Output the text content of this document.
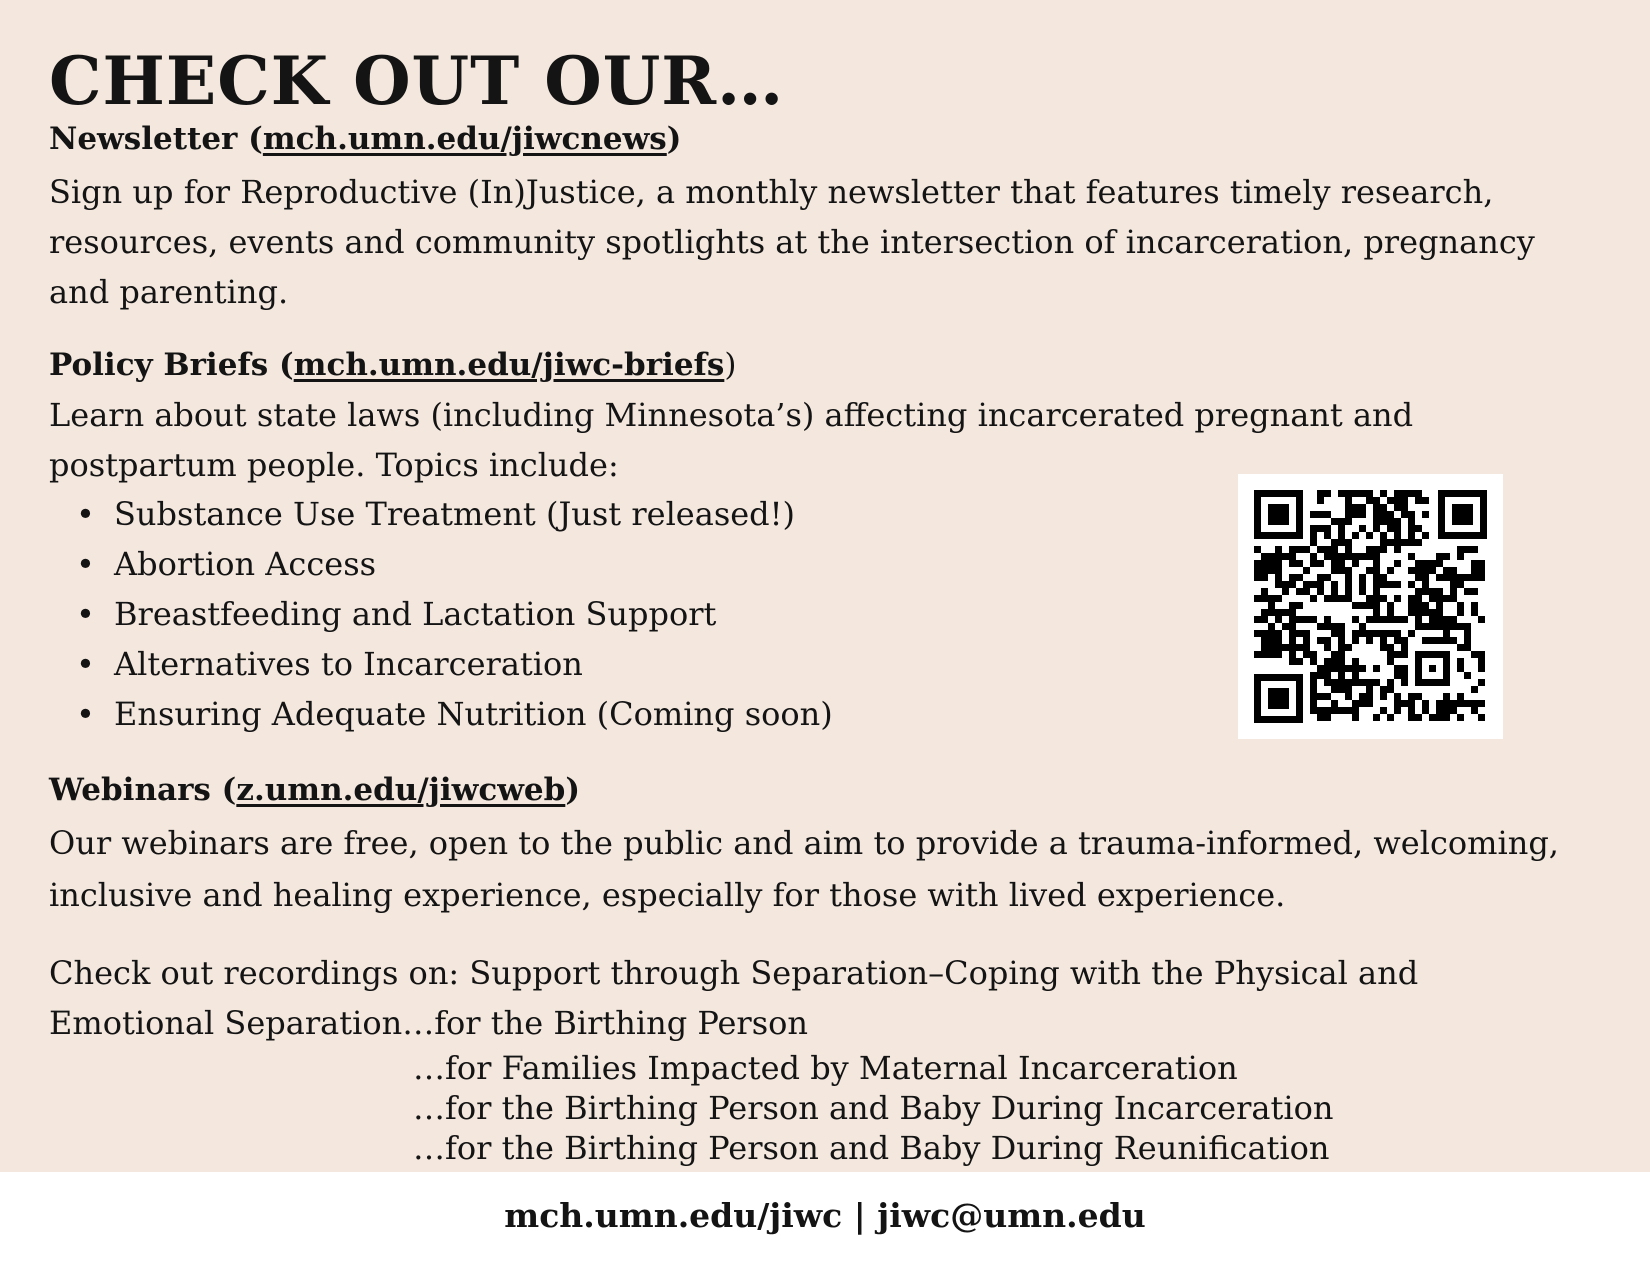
CHECK OUT OUR…

Newsletter (mch.umn.edu/jiwcnews)

Sign up for Reproductive (In)Justice, a monthly newsletter that features timely research,

resources, events and community spotlights at the intersection of incarceration, pregnancy

and parenting.

Policy Briefs (mch.umn.edu/jiwc-briefs)

Learn about state laws (including Minnesota’s) affecting incarcerated pregnant and

postpartum people. Topics include:

• Substance Use Treatment (Just released!)
• Abortion Access
• Breastfeeding and Lactation Support
• Alternatives to Incarceration
• Ensuring Adequate Nutrition (Coming soon)

Webinars (z.umn.edu/jiwcweb)

Our webinars are free, open to the public and aim to provide a trauma-informed, welcoming,

inclusive and healing experience, especially for those with lived experience.

Check out recordings on: Support through Separation–Coping with the Physical and
Emotional Separation…for the Birthing Person
…for Families Impacted by Maternal Incarceration
…for the Birthing Person and Baby During Incarceration
…for the Birthing Person and Baby During Reunification

mch.umn.edu/jiwc | jiwc@umn.edu
